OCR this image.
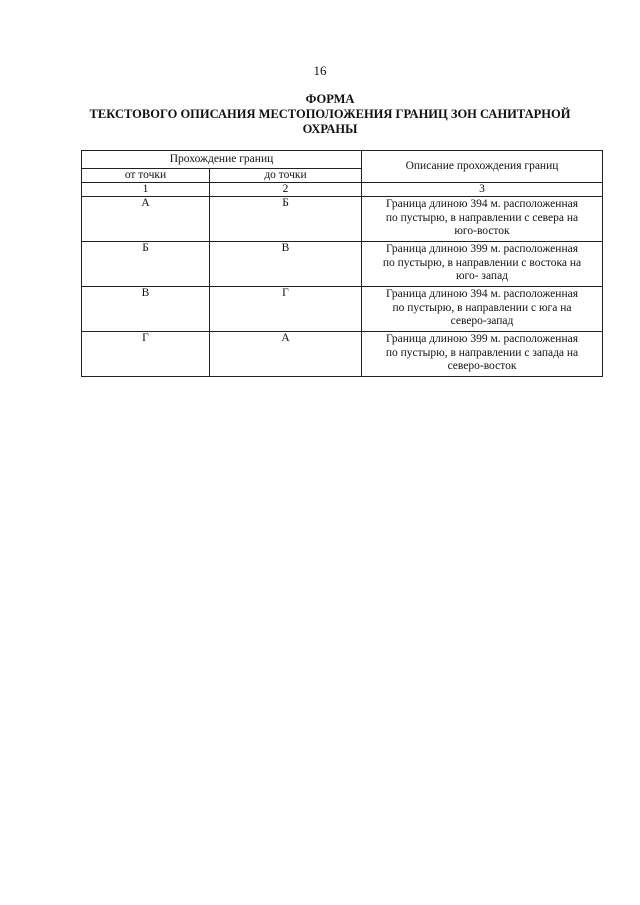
16
ФОРМА
ТЕКСТОВОГО ОПИСАНИЯ МЕСТОПОЛОЖЕНИЯ ГРАНИЦ ЗОН САНИТАРНОЙ
ОХРАНЫ
Прохождение границ		Описание прохождения границ
от точки	до точки	
1	2	3
А	Б	Граница длиною 394 м. расположенная
по пустырю, в направлении с севера на
юго-восток

Б	В	Граница длиною 399 м. расположенная
по пустырю, в направлении с востока на
юго- запад

В	Г	Граница длиною 394 м. расположенная
по пустырю, в направлении с юга на
северо-запад

Г	А	Граница длиною 399 м. расположенная
по пустырю, в направлении с запада на
северо-восток
